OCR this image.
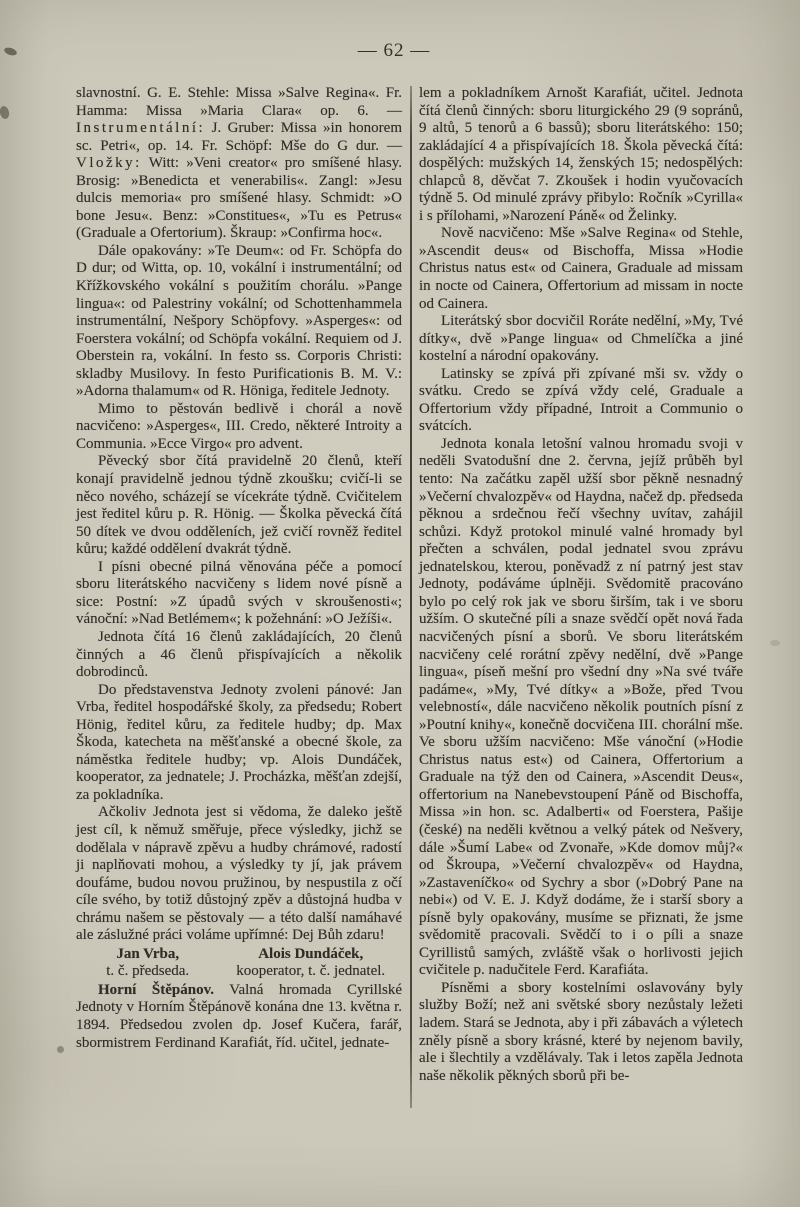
— 62 —

slavnostní. G. E. Stehle: Missa »Salve Regina«. Fr. Hamma: Missa »Maria Clara« op. 6. — Instrumentální: J. Gruber: Missa »in honorem sc. Petri«, op. 14. Fr. Schöpf: Mše do G dur. — Vložky: Witt: »Veni creator« pro smíšené hlasy. Brosig: »Benedicta et venerabilis«. Zangl: »Jesu dulcis memoria« pro smíšené hlasy. Schmidt: »O bone Jesu«. Benz: »Constitues«, »Tu es Petrus« (Graduale a Ofertorium). Škraup: »Confirma hoc«.

Dále opakovány: »Te Deum«: od Fr. Schöpfa do D dur; od Witta, op. 10, vokální i instrumentální; od Křížkovského vokální s použitím chorálu. »Pange lingua«: od Palestriny vokální; od Schottenhammela instrumentální, Nešpory Schöpfovy. »Asperges«: od Foerstera vokální; od Schöpfa vokální. Requiem od J. Oberstein ra, vokální. In festo ss. Corporis Christi: skladby Musilovy. In festo Purificationis B. M. V.: »Adorna thalamum« od R. Höniga, ředitele Jednoty.

Mimo to pěstován bedlivě i chorál a nově nacvičeno: »Asperges«, III. Credo, některé Introity a Communia. »Ecce Virgo« pro advent.

Pěvecký sbor čítá pravidelně 20 členů, kteří konají pravidelně jednou týdně zkoušku; cvičí-li se něco nového, scházejí se vícekráte týdně. Cvičitelem jest ředitel kůru p. R. Hönig. — Školka pěvecká čítá 50 dítek ve dvou odděleních, jež cvičí rovněž ředitel kůru; každé oddělení dvakrát týdně.

I písni obecné pilná věnována péče a pomocí sboru literátského nacvičeny s lidem nové písně a sice: Postní: »Z úpadů svých v skroušenosti«; vánoční: »Nad Betlémem«; k požehnání: »O Ježíši«.

Jednota čítá 16 členů zakládajících, 20 členů činných a 46 členů přispívajících a několik dobrodinců.

Do představenstva Jednoty zvoleni pánové: Jan Vrba, ředitel hospodářské školy, za předsedu; Robert Hönig, ředitel kůru, za ředitele hudby; dp. Max Škoda, katecheta na měšťanské a obecné škole, za náměstka ředitele hudby; vp. Alois Dundáček, kooperator, za jednatele; J. Procházka, měšťan zdejší, za pokladníka.

Ačkoliv Jednota jest si vědoma, že daleko ještě jest cíl, k němuž směřuje, přece výsledky, jichž se dodělala v nápravě zpěvu a hudby chrámové, radostí ji naplňovati mohou, a výsledky ty jí, jak právem doufáme, budou novou pružinou, by nespustila z očí cíle svého, by totiž důstojný zpěv a důstojná hudba v chrámu našem se pěstovaly — a této další namáhavé ale záslužné práci voláme upřímné: Dej Bůh zdaru!

Jan Vrba,
t. č. předseda.
Alois Dundáček,
kooperator, t. č. jednatel.

Horní Štěpánov. Valná hromada Cyrillské Jednoty v Horním Štěpánově konána dne 13. května r. 1894. Předsedou zvolen dp. Josef Kučera, farář, sbormistrem Ferdinand Karafiát, říd. učitel, jednate-

lem a pokladníkem Arnošt Karafiát, učitel. Jednota čítá členů činných: sboru liturgického 29 (9 sopránů, 9 altů, 5 tenorů a 6 bassů); sboru literátského: 150; zakládající 4 a přispívajících 18. Škola pěvecká čítá: dospělých: mužských 14, ženských 15; nedospělých: chlapců 8, děvčat 7. Zkoušek i hodin vyučovacích týdně 5. Od minulé zprávy přibylo: Ročník »Cyrilla« i s přílohami, »Narození Páně« od Želinky.

Nově nacvičeno: Mše »Salve Regina« od Stehle, »Ascendit deus« od Bischoffa, Missa »Hodie Christus natus est« od Cainera, Graduale ad missam in nocte od Cainera, Offertorium ad missam in nocte od Cainera.

Literátský sbor docvičil Roráte nedělní, »My, Tvé dítky«, dvě »Pange lingua« od Chmelíčka a jiné kostelní a národní opakovány.

Latinsky se zpívá při zpívané mši sv. vždy o svátku. Credo se zpívá vždy celé, Graduale a Offertorium vždy případné, Introit a Communio o svátcích.

Jednota konala letošní valnou hromadu svoji v neděli Svatodušní dne 2. června, jejíž průběh byl tento: Na začátku zapěl užší sbor pěkně nesnadný »Večerní chvalozpěv« od Haydna, načež dp. předseda pěknou a srdečnou řečí všechny uvítav, zahájil schůzi. Když protokol minulé valné hromady byl přečten a schválen, podal jednatel svou zprávu jednatelskou, kterou, poněvadž z ní patrný jest stav Jednoty, podáváme úplněji. Svědomitě pracováno bylo po celý rok jak ve sboru širším, tak i ve sboru užším. O skutečné píli a snaze svědčí opět nová řada nacvičených písní a sborů. Ve sboru literátském nacvičeny celé rorátní zpěvy nedělní, dvě »Pange lingua«, píseň mešní pro všední dny »Na své tváře padáme«, »My, Tvé dítky« a »Bože, před Tvou velebností«, dále nacvičeno několik poutních písní z »Poutní knihy«, konečně docvičena III. chorální mše. Ve sboru užším nacvičeno: Mše vánoční (»Hodie Christus natus est«) od Cainera, Offertorium a Graduale na týž den od Cainera, »Ascendit Deus«, offertorium na Nanebevstoupení Páně od Bischoffa, Missa »in hon. sc. Adalberti« od Foerstera, Pašije (české) na neděli květnou a velký pátek od Nešvery, dále »Šumí Labe« od Zvonaře, »Kde domov můj?« od Škroupa, »Večerní chvalozpěv« od Haydna, »Zastaveníčko« od Sychry a sbor (»Dobrý Pane na nebi«) od V. E. J. Když dodáme, že i starší sbory a písně byly opakovány, musíme se přiznati, že jsme svědomitě pracovali. Svědčí to i o píli a snaze Cyrillistů samých, zvláště však o horlivosti jejich cvičitele p. nadučitele Ferd. Karafiáta.

Písněmi a sbory kostelními oslavovány byly služby Boží; než ani světské sbory nezůstaly ležeti ladem. Stará se Jednota, aby i při zábavách a výletech zněly písně a sbory krásné, které by nejenom bavily, ale i šlechtily a vzdělávaly. Tak i letos zapěla Jednota naše několik pěkných sborů při be-
